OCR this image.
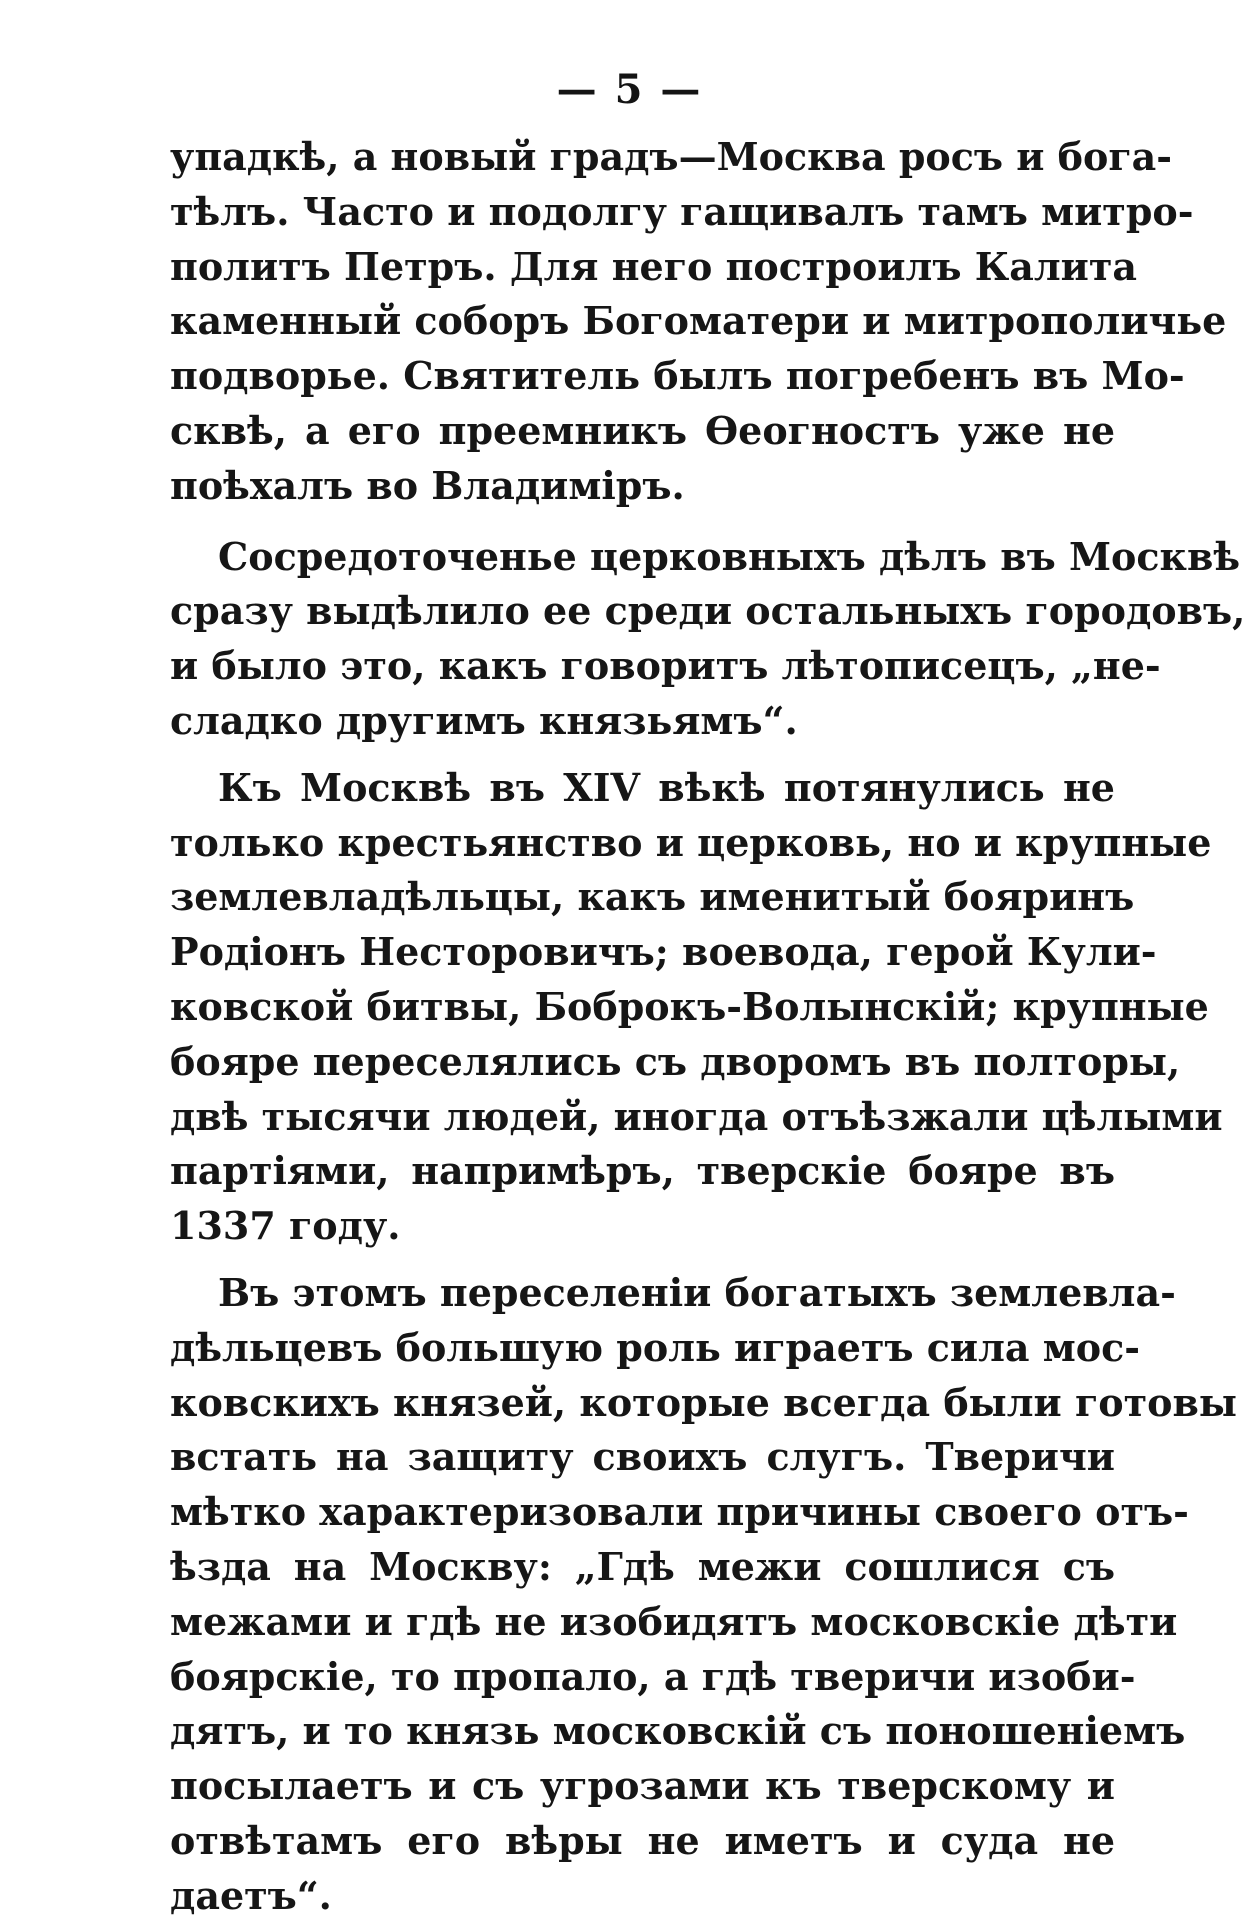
— 5 —
упадкѣ, а новый градъ—Москва росъ и бога-
тѣлъ. Часто и подолгу гащивалъ тамъ митро-
политъ Петръ. Для него построилъ Калита
каменный соборъ Богоматери и митрополичье
подворье. Святитель былъ погребенъ въ Мо-
сквѣ, а его преемникъ Өеогностъ уже не
поѣхалъ во Владиміръ.
Сосредоточенье церковныхъ дѣлъ въ Москвѣ
сразу выдѣлило ее среди остальныхъ городовъ,
и было это, какъ говоритъ лѣтописецъ, „не-
сладко другимъ князьямъ“.
Къ Москвѣ въ XIV вѣкѣ потянулись не
только крестьянство и церковь, но и крупные
землевладѣльцы, какъ именитый бояринъ
Родіонъ Несторовичъ; воевода, герой Кули-
ковской битвы, Боброкъ-Волынскій; крупные
бояре переселялись съ дворомъ въ полторы,
двѣ тысячи людей, иногда отъѣзжали цѣлыми
партіями, напримѣръ, тверскіе бояре въ
1337 году.
Въ этомъ переселеніи богатыхъ землевла-
дѣльцевъ большую роль играетъ сила мос-
ковскихъ князей, которые всегда были готовы
встать на защиту своихъ слугъ. Тверичи
мѣтко характеризовали причины своего отъ-
ѣзда на Москву: „Гдѣ межи сошлися съ
межами и гдѣ не изобидятъ московскіе дѣти
боярскіе, то пропало, а гдѣ тверичи изоби-
дятъ, и то князь московскій съ поношеніемъ
посылаетъ и съ угрозами къ тверскому и
отвѣтамъ его вѣры не иметъ и суда не
даетъ“.
